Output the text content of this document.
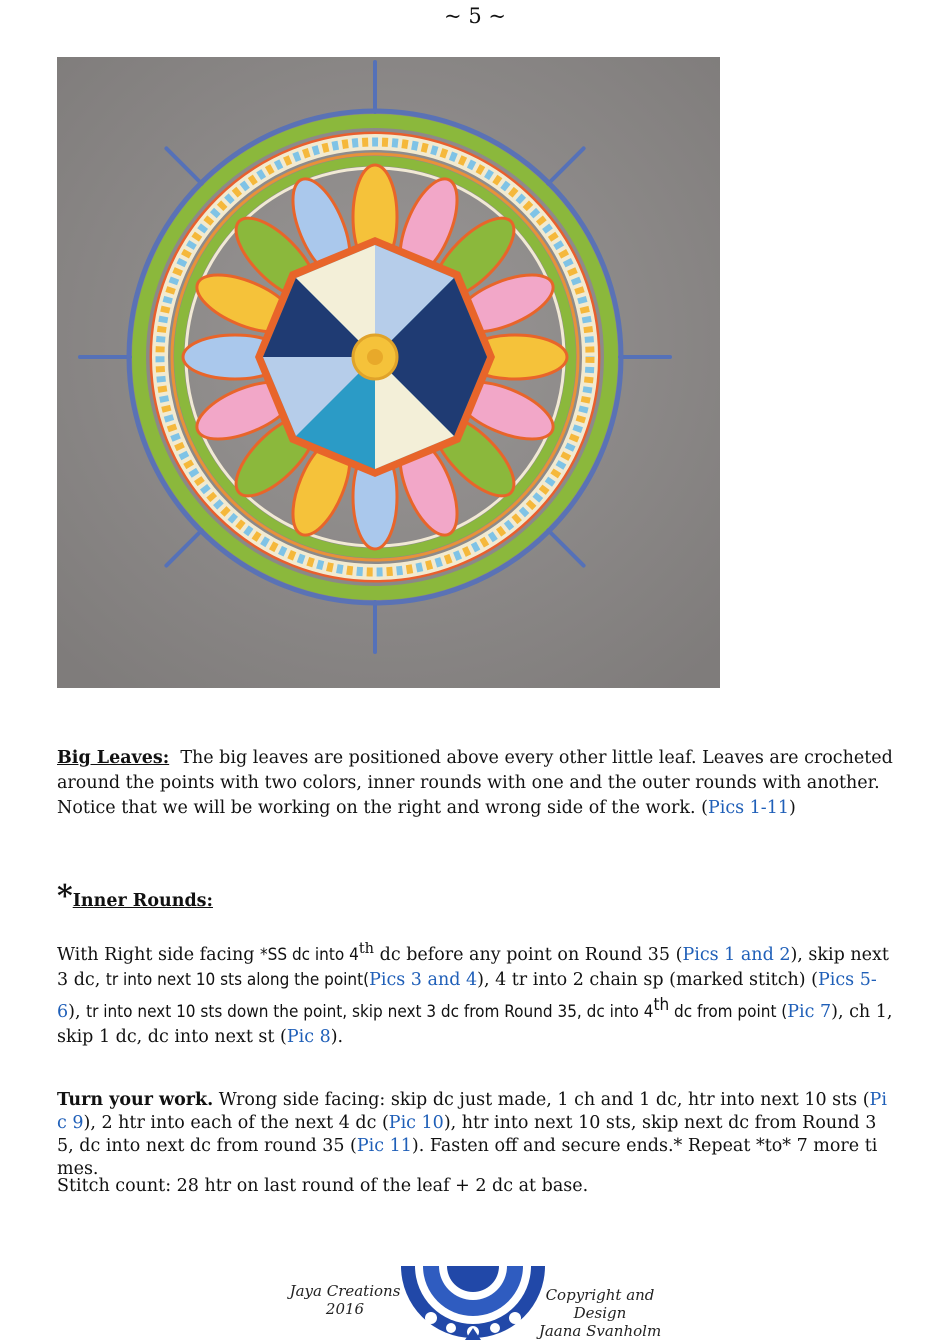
~ 5 ~
Big Leaves: The big leaves are positioned above every other little leaf. Leaves are crocheted around the points with two colors, inner rounds with one and the outer rounds with another. Notice that we will be working on the right and wrong side of the work. (Pics 1-11)
*Inner Rounds:
With Right side facing *SS dc into 4th dc before any point on Round 35 (Pics 1 and 2), skip next 3 dc, tr into next 10 sts along the point(Pics 3 and 4), 4 tr into 2 chain sp (marked stitch) (Pics 5-6), tr into next 10 sts down the point, skip next 3 dc from Round 35, dc into 4th dc from point (Pic 7), ch 1, skip 1 dc, dc into next st (Pic 8).
Turn your work. Wrong side facing: skip dc just made, 1 ch and 1 dc, htr into next 10 sts (Pic 9), 2 htr into each of the next 4 dc (Pic 10), htr into next 10 sts, skip next dc from Round 35, dc into next dc from round 35 (Pic 11). Fasten off and secure ends.* Repeat *to* 7 more times.
Stitch count: 28 htr on last round of the leaf + 2 dc at base.
Jaya Creations
2016
Copyright and Design
Jaana Svanholm
